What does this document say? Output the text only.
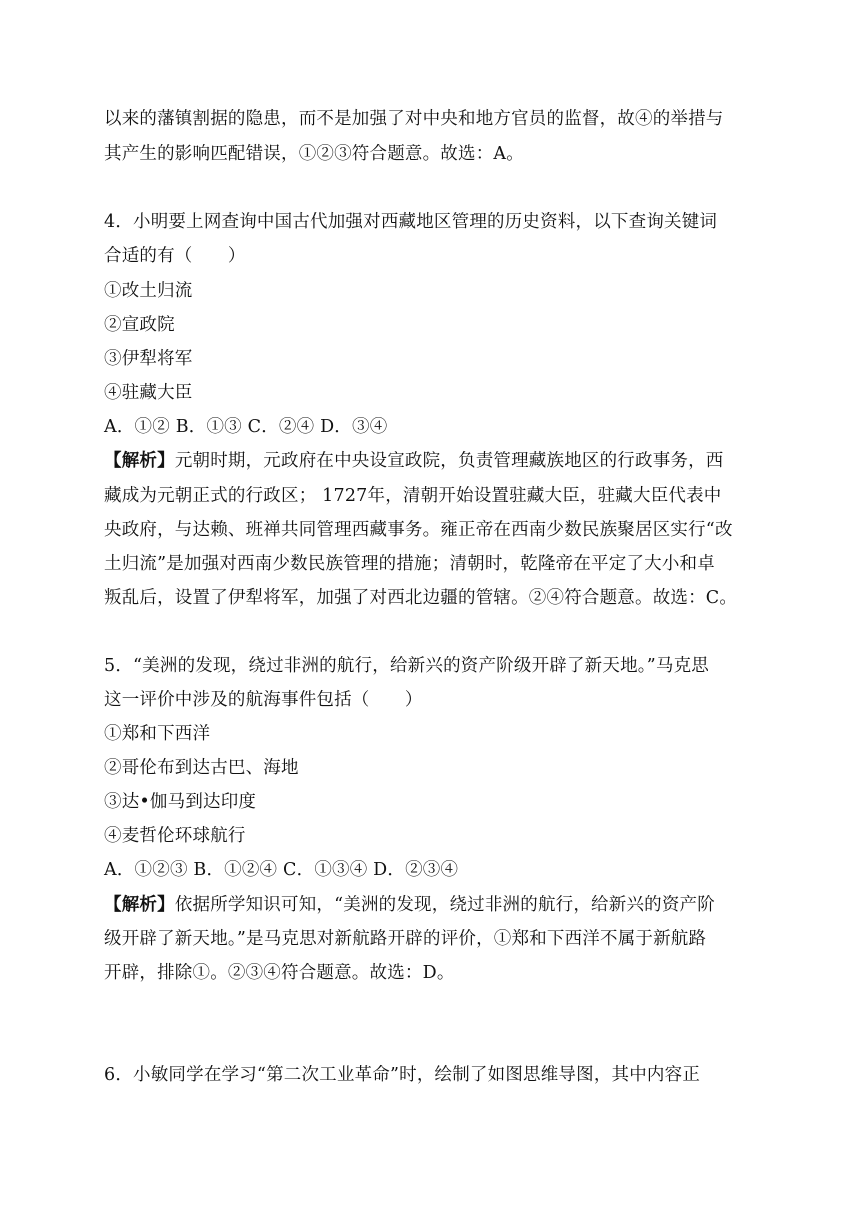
以来的藩镇割据的隐患，而不是加强了对中央和地方官员的监督，故④的举措与
其产生的影响匹配错误，①②③符合题意。故选：A。
4．小明要上网查询中国古代加强对西藏地区管理的历史资料，以下查询关键词
合适的有（　　）
①改土归流
②宣政院
③伊犁将军
④驻藏大臣
A．①② B．①③ C．②④ D．③④
【解析】元朝时期，元政府在中央设宣政院，负责管理藏族地区的行政事务，西
藏成为元朝正式的行政区； 1727年，清朝开始设置驻藏大臣，驻藏大臣代表中
央政府，与达赖、班禅共同管理西藏事务。雍正帝在西南少数民族聚居区实行“改
土归流”是加强对西南少数民族管理的措施；清朝时，乾隆帝在平定了大小和卓
叛乱后，设置了伊犁将军，加强了对西北边疆的管辖。②④符合题意。故选：C。
5．“美洲的发现，绕过非洲的航行，给新兴的资产阶级开辟了新天地。”马克思
这一评价中涉及的航海事件包括（　　）
①郑和下西洋
②哥伦布到达古巴、海地
③达•伽马到达印度
④麦哲伦环球航行
A．①②③ B．①②④ C．①③④ D．②③④
【解析】依据所学知识可知，“美洲的发现，绕过非洲的航行，给新兴的资产阶
级开辟了新天地。”是马克思对新航路开辟的评价，①郑和下西洋不属于新航路
开辟，排除①。②③④符合题意。故选：D。
6．小敏同学在学习“第二次工业革命”时，绘制了如图思维导图，其中内容正
